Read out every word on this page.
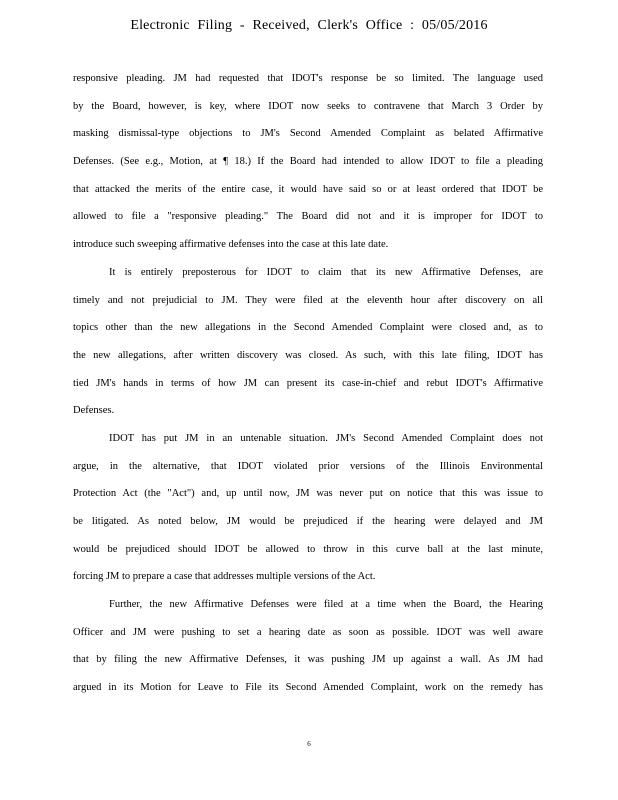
Electronic Filing - Received, Clerk's Office : 05/05/2016
responsive pleading. JM had requested that IDOT's response be so limited. The language used
by the Board, however, is key, where IDOT now seeks to contravene that March 3 Order by
masking dismissal-type objections to JM's Second Amended Complaint as belated Affirmative
Defenses. (See e.g., Motion, at ¶ 18.) If the Board had intended to allow IDOT to file a pleading
that attacked the merits of the entire case, it would have said so or at least ordered that IDOT be
allowed to file a "responsive pleading." The Board did not and it is improper for IDOT to
introduce such sweeping affirmative defenses into the case at this late date.
It is entirely preposterous for IDOT to claim that its new Affirmative Defenses, are
timely and not prejudicial to JM. They were filed at the eleventh hour after discovery on all
topics other than the new allegations in the Second Amended Complaint were closed and, as to
the new allegations, after written discovery was closed. As such, with this late filing, IDOT has
tied JM's hands in terms of how JM can present its case-in-chief and rebut IDOT's Affirmative
Defenses.
IDOT has put JM in an untenable situation. JM's Second Amended Complaint does not
argue, in the alternative, that IDOT violated prior versions of the Illinois Environmental
Protection Act (the "Act") and, up until now, JM was never put on notice that this was issue to
be litigated. As noted below, JM would be prejudiced if the hearing were delayed and JM
would be prejudiced should IDOT be allowed to throw in this curve ball at the last minute,
forcing JM to prepare a case that addresses multiple versions of the Act.
Further, the new Affirmative Defenses were filed at a time when the Board, the Hearing
Officer and JM were pushing to set a hearing date as soon as possible. IDOT was well aware
that by filing the new Affirmative Defenses, it was pushing JM up against a wall. As JM had
argued in its Motion for Leave to File its Second Amended Complaint, work on the remedy has
6
